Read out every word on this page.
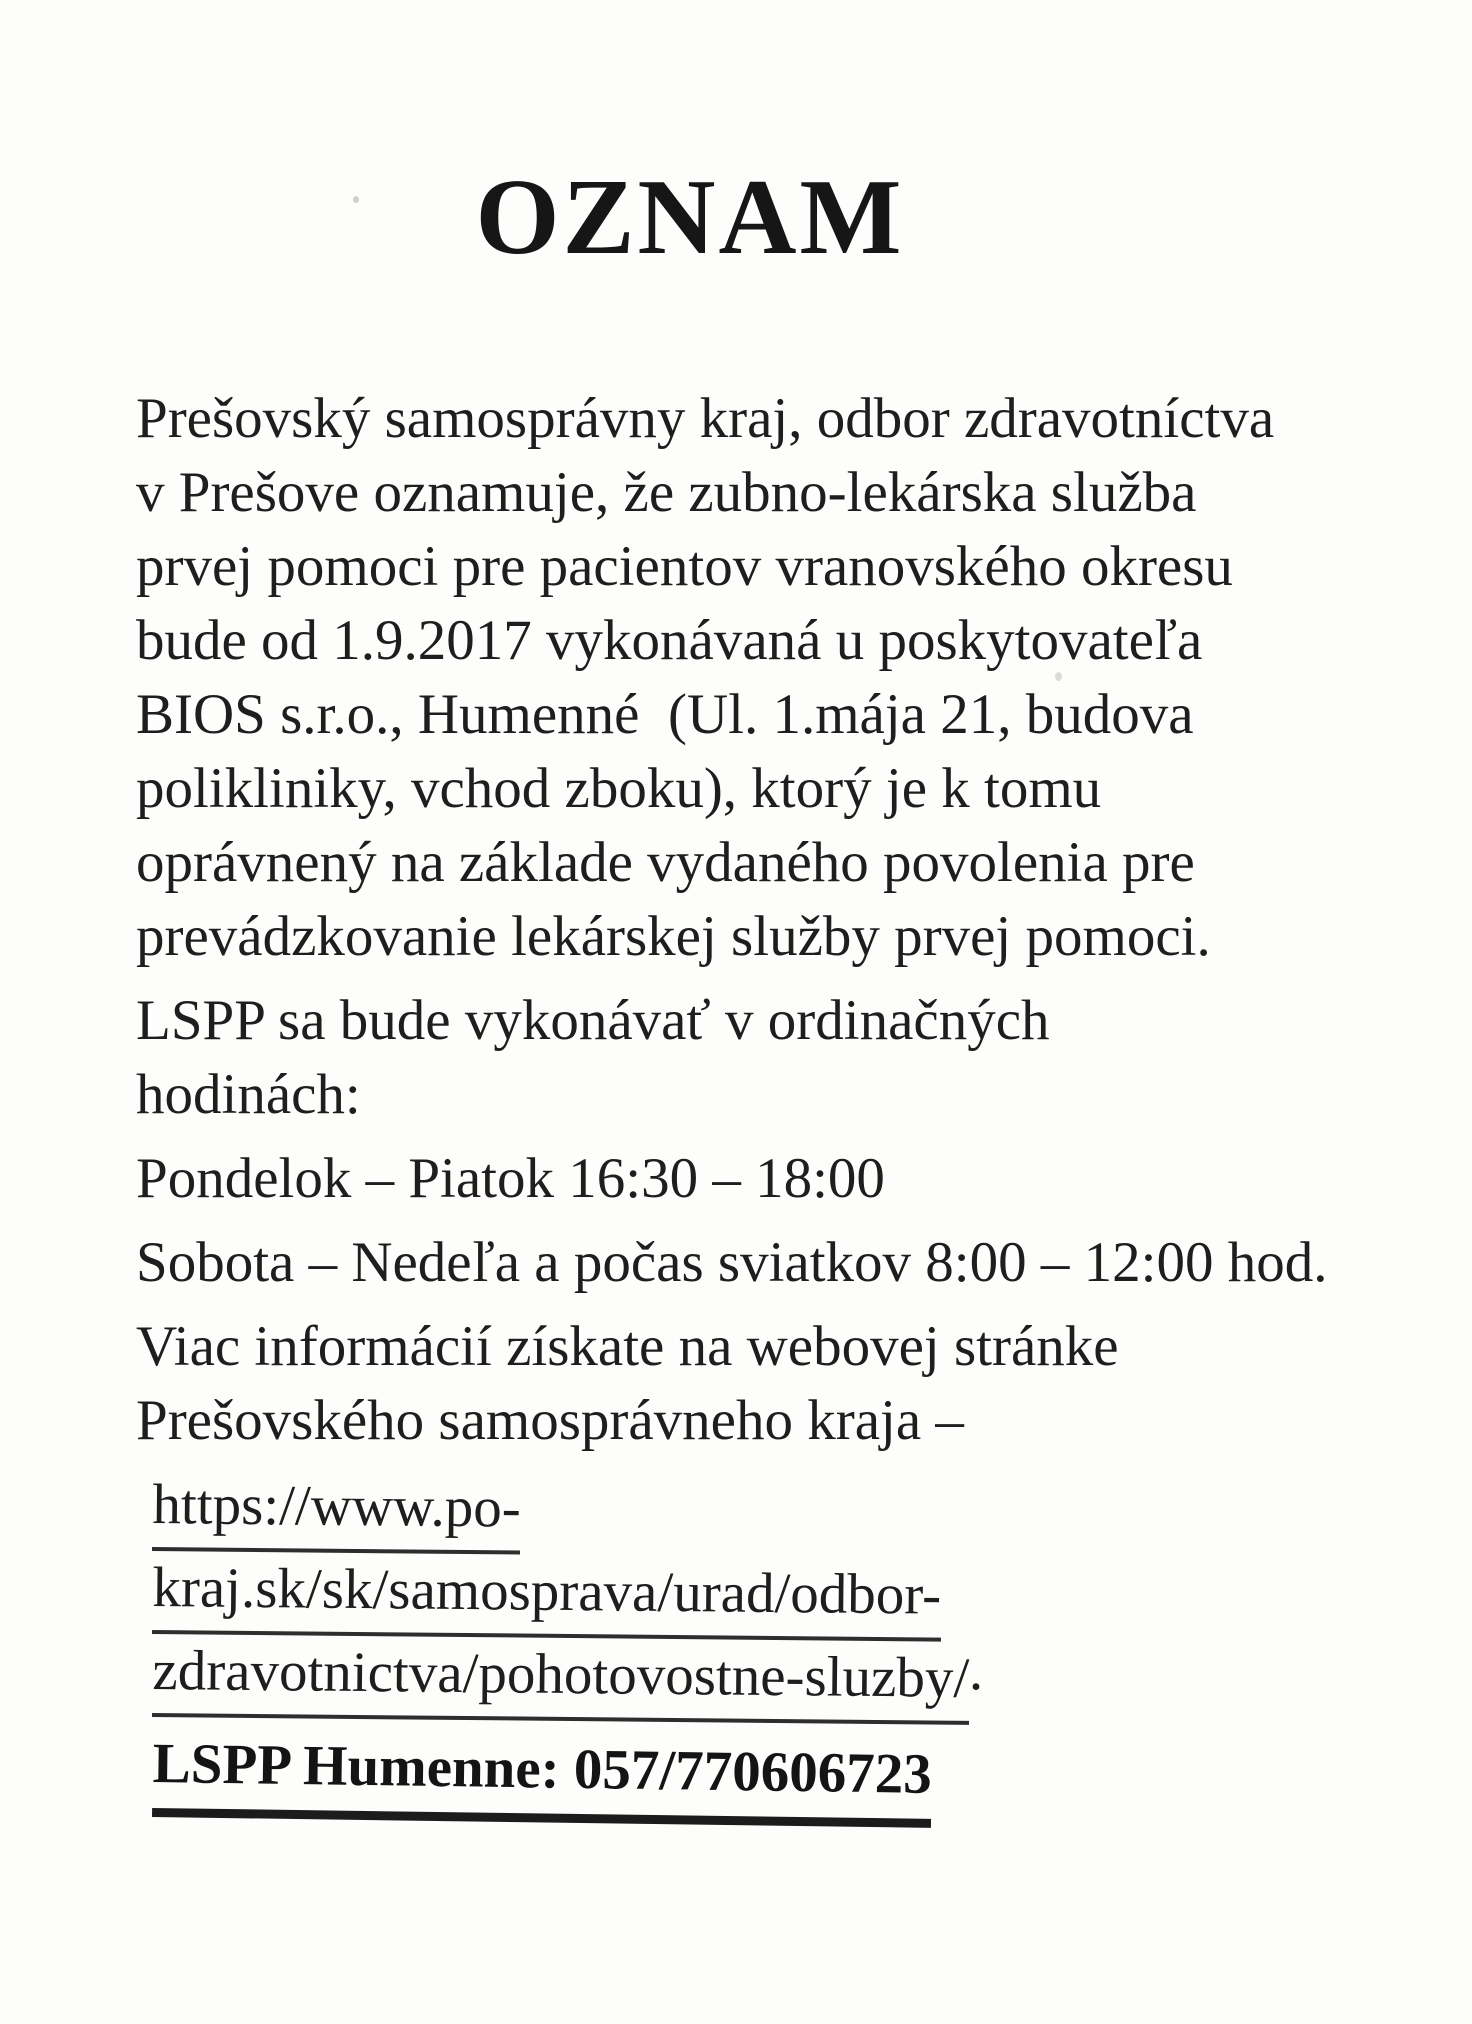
OZNAM
Prešovský samosprávny kraj, odbor zdravotníctva
v Prešove oznamuje, že zubno-lekárska služba
prvej pomoci pre pacientov vranovského okresu
bude od 1.9.2017 vykonávaná u poskytovateľa
BIOS s.r.o., Humenné  (Ul. 1.mája 21, budova
polikliniky, vchod zboku), ktorý je k tomu
oprávnený na základe vydaného povolenia pre
prevádzkovanie lekárskej služby prvej pomoci.
LSPP sa bude vykonávať v ordinačných
hodinách:
Pondelok – Piatok 16:30 – 18:00
Sobota – Nedeľa a počas sviatkov 8:00 – 12:00 hod.
Viac informácií získate na webovej stránke
Prešovského samosprávneho kraja –
https://www.po-
kraj.sk/sk/samosprava/urad/odbor-
zdravotnictva/pohotovostne-sluzby/.
LSPP Humenne: 057/770606723
